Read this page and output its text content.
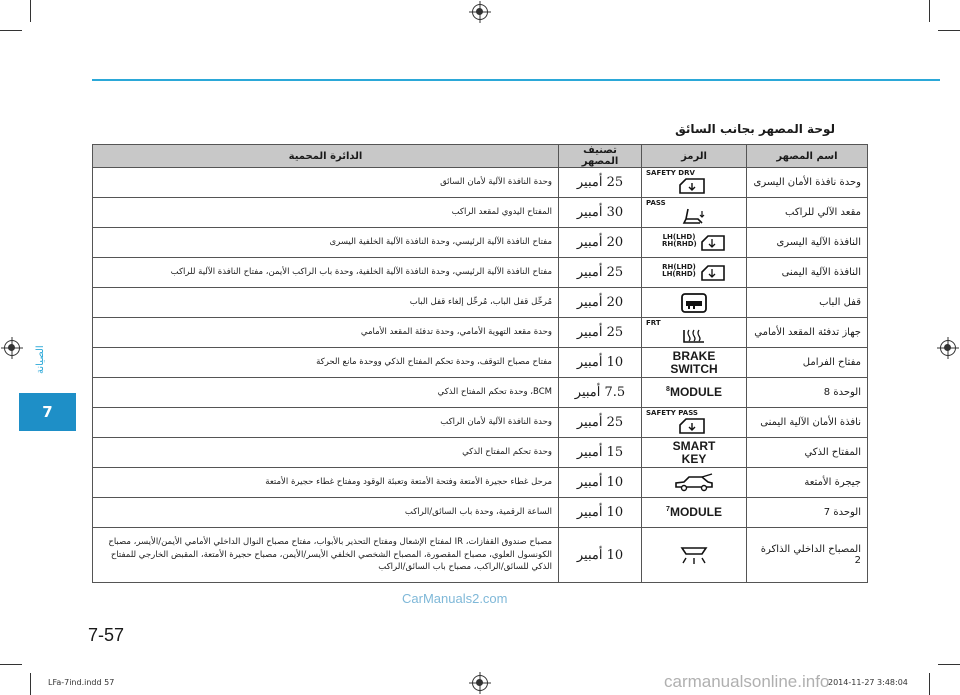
الصيانة
7
لوحة المصهر بجانب السائق
اسم المصهر	الرمز	تصنيف المصهر	الدائرة المحمية
وحدة نافذة الأمان اليسرى	SAFETY DRV	25 أمبير	وحدة النافذة الآلية لأمان السائق
مقعد الآلي للراكب	PASS	30 أمبير	المفتاح اليدوي لمقعد الراكب
النافذة الآلية اليسرى	LH(LHD) RH(RHD)	20 أمبير	مفتاح النافذة الآلية الرئيسي، وحدة النافذة الآلية الخلفية اليسرى
النافذة الآلية اليمنى	RH(LHD) LH(RHD)	25 أمبير	مفتاح النافذة الآلية الرئيسي، وحدة النافذة الآلية الخلفية، وحدة باب الراكب الأيمن، مفتاح النافذة الآلية للراكب
قفل الباب		20 أمبير	مُرحِّل قفل الباب، مُرحِّل إلغاء قفل الباب
جهاز تدفئة المقعد الأمامي	FRT	25 أمبير	وحدة مقعد التهوية الأمامي، وحدة تدفئة المقعد الأمامي
مفتاح الفرامل	BRAKE SWITCH	10 أمبير	مفتاح مصباح التوقف، وحدة تحكم المفتاح الذكي ووحدة مانع الحركة
الوحدة 8	$^8$MODULE	7.5 أمبير	BCM، وحدة تحكم المفتاح الذكي
نافذة الأمان الآلية اليمنى	SAFETY PASS	25 أمبير	وحدة النافذة الآلية لأمان الراكب
المفتاح الذكي	SMART KEY	15 أمبير	وحدة تحكم المفتاح الذكي
جيجرة الأمتعة		10 أمبير	مرحل غطاء حجيرة الأمتعة وفتحة الأمتعة وتعبئة الوقود ومفتاح غطاء حجيرة الأمتعة
الوحدة 7	$^7$MODULE	10 أمبير	الساعة الرقمية، وحدة باب السائق/الراكب
المصباح الداخلي الذاكرة 2		10 أمبير	مصباح صندوق القفازات، IR لمفتاح الإشعال ومفتاح التحذير بالأبواب، مفتاح مصباح النوال الداخلي الأمامي الأيمن/الأيسر، مصباح الكونسول العلوي، مصباح المقصورة، المصباح الشخصي الخلفي الأيسر/الأيمن، مصباح حجيرة الأمتعة، المقبض الخارجي للمفتاح الذكي للسائق/الراكب، مصباح باب السائق/الراكب
CarManuals2.com
7-57
LFa-7ind.indd 57	carmanualsonline.info
2014-11-27 3:48:04
